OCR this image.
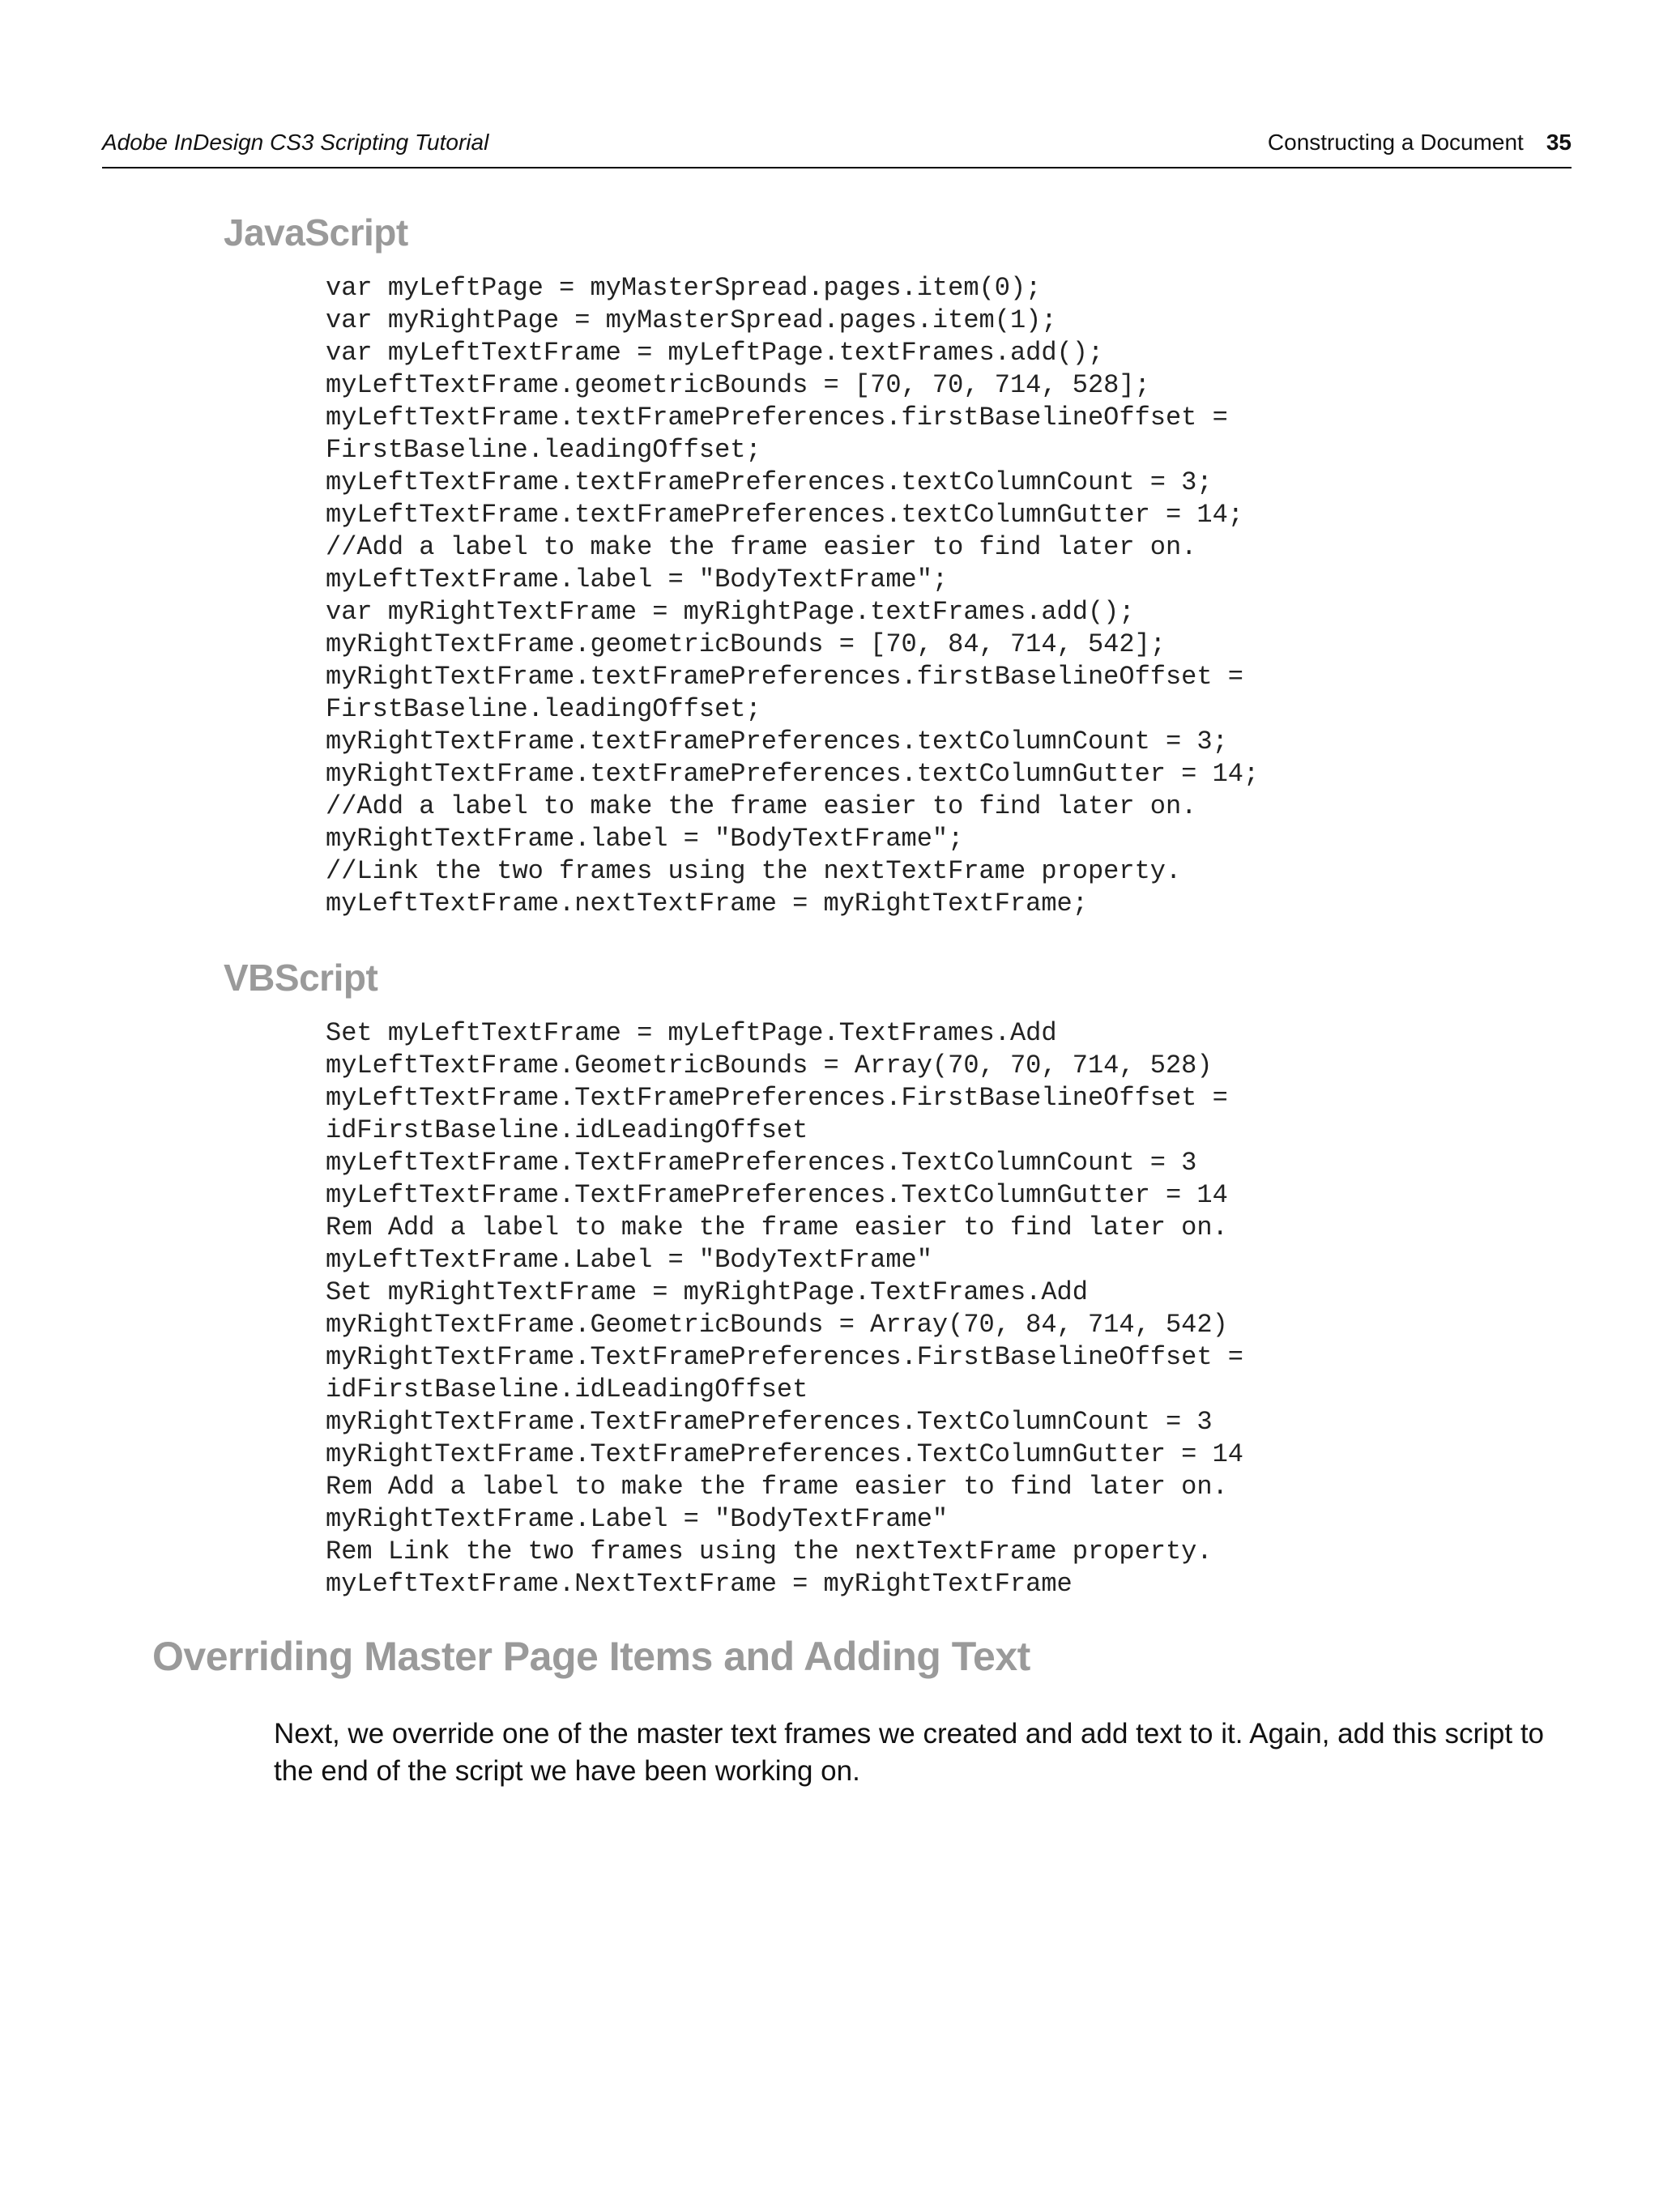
Adobe InDesign CS3 Scripting Tutorial	Constructing a Document 35
JavaScript
var myLeftPage = myMasterSpread.pages.item(0);
var myRightPage = myMasterSpread.pages.item(1);
var myLeftTextFrame = myLeftPage.textFrames.add();
myLeftTextFrame.geometricBounds = [70, 70, 714, 528];
myLeftTextFrame.textFramePreferences.firstBaselineOffset =
FirstBaseline.leadingOffset;
myLeftTextFrame.textFramePreferences.textColumnCount = 3;
myLeftTextFrame.textFramePreferences.textColumnGutter = 14;
//Add a label to make the frame easier to find later on.
myLeftTextFrame.label = "BodyTextFrame";
var myRightTextFrame = myRightPage.textFrames.add();
myRightTextFrame.geometricBounds = [70, 84, 714, 542];
myRightTextFrame.textFramePreferences.firstBaselineOffset =
FirstBaseline.leadingOffset;
myRightTextFrame.textFramePreferences.textColumnCount = 3;
myRightTextFrame.textFramePreferences.textColumnGutter = 14;
//Add a label to make the frame easier to find later on.
myRightTextFrame.label = "BodyTextFrame";
//Link the two frames using the nextTextFrame property.
myLeftTextFrame.nextTextFrame = myRightTextFrame;
VBScript
Set myLeftTextFrame = myLeftPage.TextFrames.Add
myLeftTextFrame.GeometricBounds = Array(70, 70, 714, 528)
myLeftTextFrame.TextFramePreferences.FirstBaselineOffset =
idFirstBaseline.idLeadingOffset
myLeftTextFrame.TextFramePreferences.TextColumnCount = 3
myLeftTextFrame.TextFramePreferences.TextColumnGutter = 14
Rem Add a label to make the frame easier to find later on.
myLeftTextFrame.Label = "BodyTextFrame"
Set myRightTextFrame = myRightPage.TextFrames.Add
myRightTextFrame.GeometricBounds = Array(70, 84, 714, 542)
myRightTextFrame.TextFramePreferences.FirstBaselineOffset =
idFirstBaseline.idLeadingOffset
myRightTextFrame.TextFramePreferences.TextColumnCount = 3
myRightTextFrame.TextFramePreferences.TextColumnGutter = 14
Rem Add a label to make the frame easier to find later on.
myRightTextFrame.Label = "BodyTextFrame"
Rem Link the two frames using the nextTextFrame property.
myLeftTextFrame.NextTextFrame = myRightTextFrame
Overriding Master Page Items and Adding Text

Next, we override one of the master text frames we created and add text to it. Again, add this script to the end of the script we have been working on.
